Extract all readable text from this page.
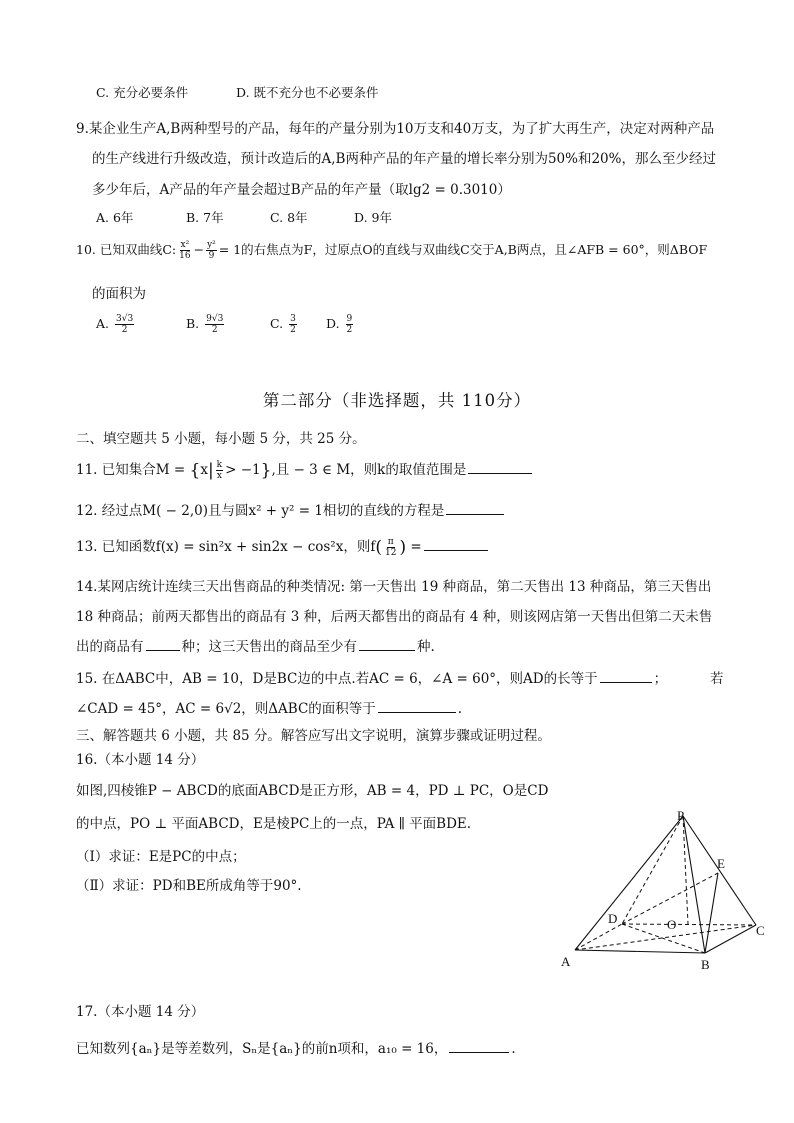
C. 充分必要条件	D. 既不充分也不必要条件
9.某企业生产A,B两种型号的产品，每年的产量分别为10万支和40万支，为了扩大再生产，决定对两种产品
的生产线进行升级改造，预计改造后的A,B两种产品的年产量的增长率分别为50%和20%，那么至少经过
多少年后，A产品的年产量会超过B产品的年产量（取lg2 = 0.3010）
A. 6年	B. 7年	C. 8年	D. 9年
10. 已知双曲线C: $\frac{\text{x²}}{16} - \frac{\text{y²}}{9} = 1$的右焦点为F，过原点O的直线与双曲线C交于A,B两点，且∠AFB = 60°，则ΔBOF
的面积为
A. $\frac{3√3}{2}$	B. $\frac{9√3}{2}$	C. $\frac{3}{2} D$. $\frac{9}{2}$
第二部分（非选择题，共 110分）
二、填空题共 5 小题，每小题 5 分，共 25 分。
11. 已知集合$M = \{x| \frac{k}{x} > -1\}$,且 − 3 ∈ M，则k的取值范围是
12. 经过点M( − 2,0)且与圆x² + y² = 1相切的直线的方程是
13. 已知函数f(x) = sin²x + sin2x − cos²x，则$f( \frac{\pi}{12}$ ) =
14.某网店统计连续三天出售商品的种类情况: 第一天售出 19 种商品，第二天售出 13 种商品，第三天售出
18 种商品；前两天都售出的商品有 3 种，后两天都售出的商品有 4 种，则该网店第一天售出但第二天未售
出的商品有	种；这三天售出的商品至少有	种.
15. 在ΔABC中，AB = 10，D是BC边的中点.若AC = 6，∠A = 60°，则AD的长等于	；	若
∠CAD = 45°，AC = 6√2，则ΔABC的面积等于	.
三、解答题共 6 小题，共 85 分。解答应写出文字说明，演算步骤或证明过程。
16.（本小题 14 分）
如图,四棱锥P − ABCD的底面ABCD是正方形，AB = 4，PD ⊥ PC，O是CD
的中点，PO ⊥ 平面ABCD，E是棱PC上的一点，PA ∥ 平面BDE.
（Ⅰ）求证：E是PC的中点；
（Ⅱ）求证：PD和BE所成角等于90°.
P
E
D	O	C
A	B
17.（本小题 14 分）
已知数列{aₙ}是等差数列，Sₙ是{aₙ}的前n项和，a₁₀ = 16，	.
